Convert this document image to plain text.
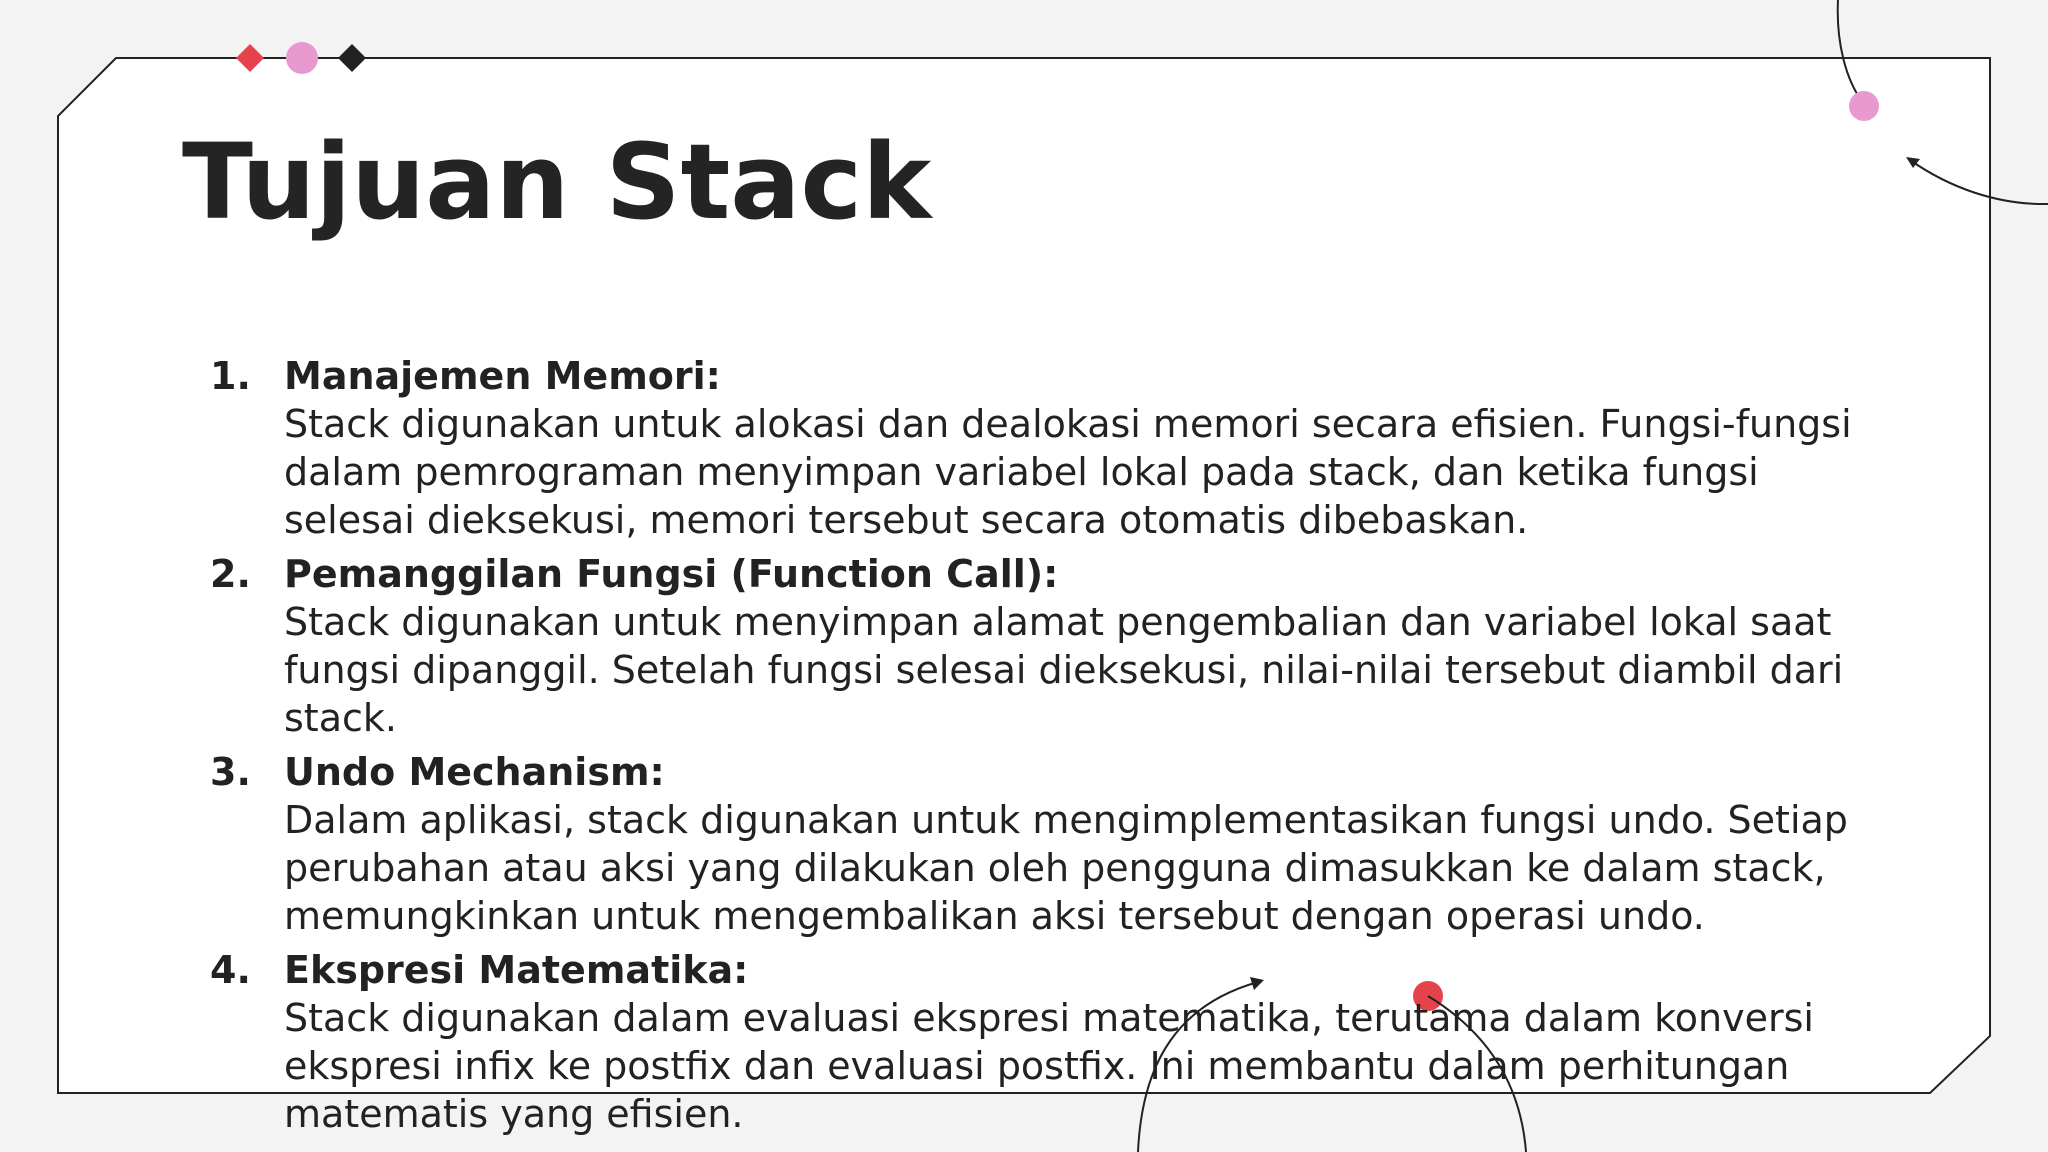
Tujuan Stack
1. Manajemen Memori:
Stack digunakan untuk alokasi dan dealokasi memori secara efisien. Fungsi-fungsi dalam pemrograman menyimpan variabel lokal pada stack, dan ketika fungsi selesai dieksekusi, memori tersebut secara otomatis dibebaskan.
2. Pemanggilan Fungsi (Function Call):
Stack digunakan untuk menyimpan alamat pengembalian dan variabel lokal saat fungsi dipanggil. Setelah fungsi selesai dieksekusi, nilai-nilai tersebut diambil dari stack.
3. Undo Mechanism:
Dalam aplikasi, stack digunakan untuk mengimplementasikan fungsi undo. Setiap perubahan atau aksi yang dilakukan oleh pengguna dimasukkan ke dalam stack, memungkinkan untuk mengembalikan aksi tersebut dengan operasi undo.
4. Ekspresi Matematika:
Stack digunakan dalam evaluasi ekspresi matematika, terutama dalam konversi ekspresi infix ke postfix dan evaluasi postfix. Ini membantu dalam perhitungan matematis yang efisien.
